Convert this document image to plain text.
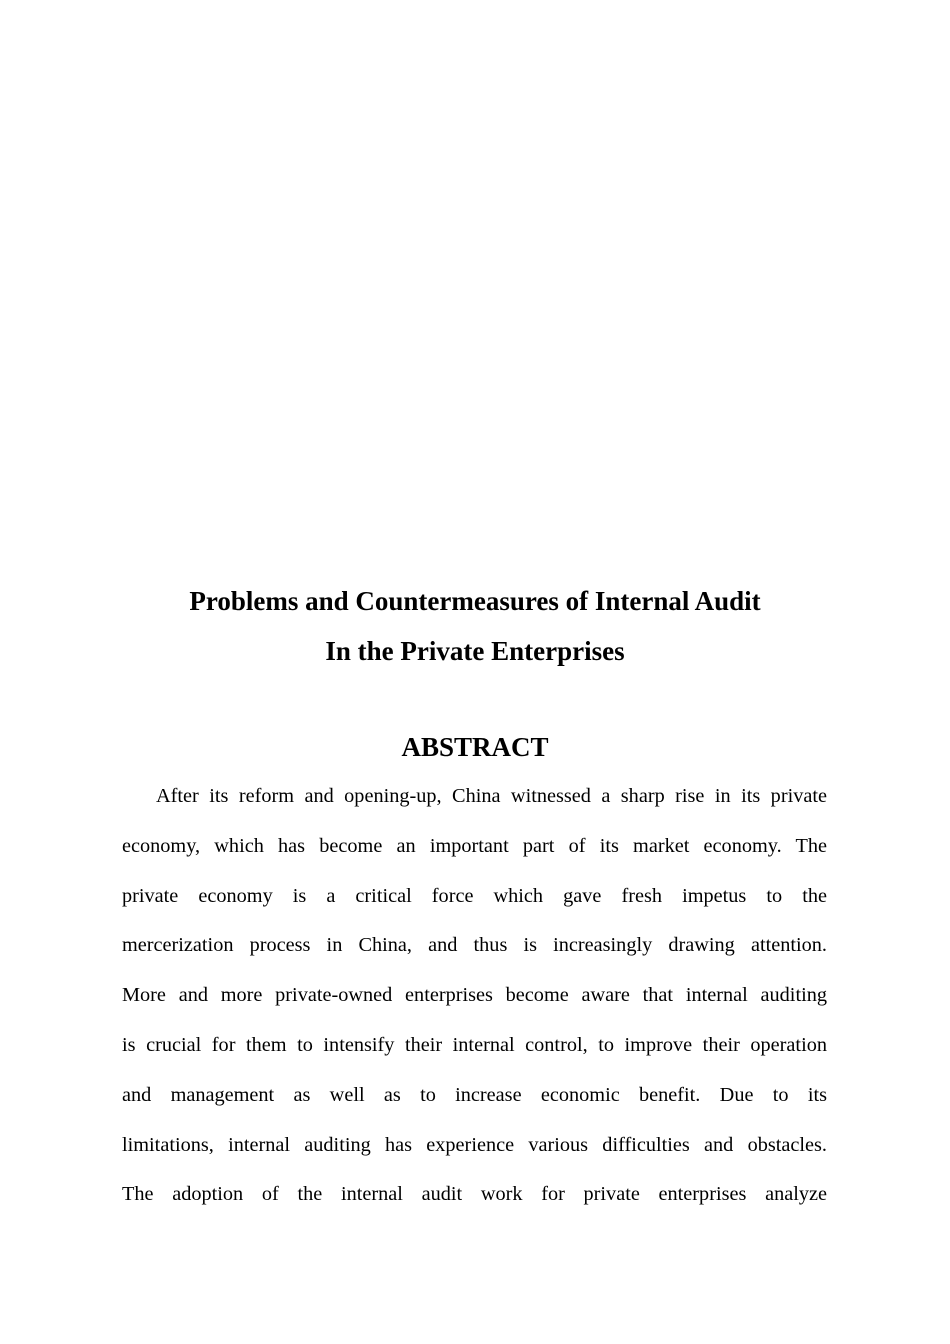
Problems and Countermeasures of Internal Audit

In the Private Enterprises

ABSTRACT
After its reform and opening-up, China witnessed a sharp rise in its private
economy, which has become an important part of its market economy. The
private economy is a critical force which gave fresh impetus to the
mercerization process in China, and thus is increasingly drawing attention.
More and more private-owned enterprises become aware that internal auditing
is crucial for them to intensify their internal control, to improve their operation
and management as well as to increase economic benefit. Due to its
limitations, internal auditing has experience various difficulties and obstacles.
The adoption of the internal audit work for private enterprises analyze
